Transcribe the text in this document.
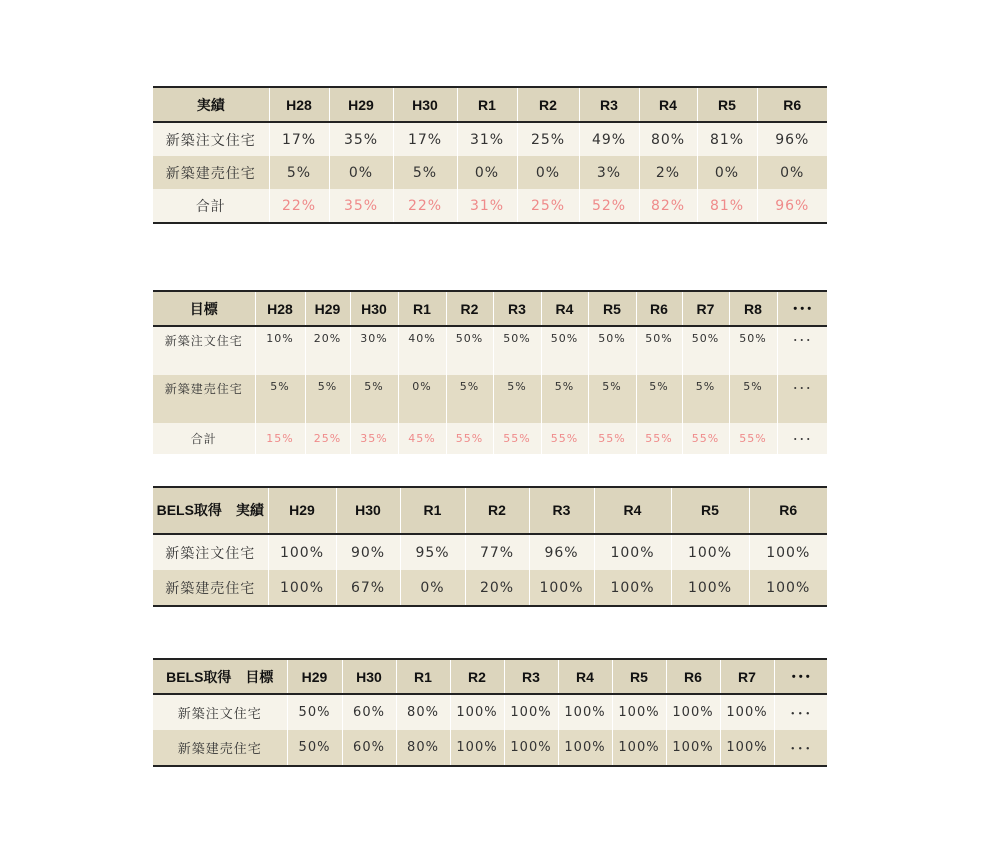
実績	H28	H29	H30	R1	R2	R3	R4	R5	R6
新築注文住宅	17%	35%	17%	31%	25%	49%	80%	81%	96%
新築建売住宅	5%	0%	5%	0%	0%	3%	2%	0%	0%
合計	22%	35%	22%	31%	25%	52%	82%	81%	96%
目標	H28	H29	H30	R1	R2	R3	R4	R5	R6	R7	R8	･･･
新築注文住宅	10%	20%	30%	40%	50%	50%	50%	50%	50%	50%	50%	･･･
新築建売住宅	5%	5%	5%	0%	5%	5%	5%	5%	5%	5%	5%	･･･
合計	15%	25%	35%	45%	55%	55%	55%	55%	55%	55%	55%	･･･
BELS取得　実績	H29	H30	R1	R2	R3	R4	R5	R6
新築注文住宅	100%	90%	95%	77%	96%	100%	100%	100%
新築建売住宅	100%	67%	0%	20%	100%	100%	100%	100%
BELS取得　目標	H29	H30	R1	R2	R3	R4	R5	R6	R7	･･･
新築注文住宅	50%	60%	80%	100%	100%	100%	100%	100%	100%	･･･
新築建売住宅	50%	60%	80%	100%	100%	100%	100%	100%	100%	･･･
